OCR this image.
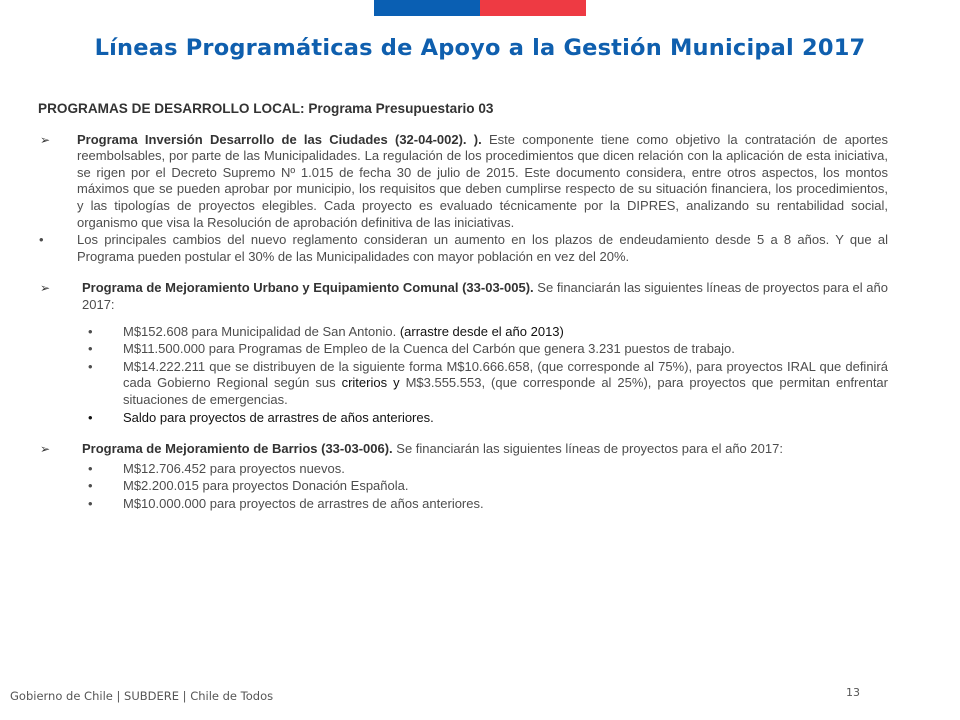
Líneas Programáticas de Apoyo a la Gestión Municipal 2017
PROGRAMAS DE DESARROLLO LOCAL: Programa Presupuestario 03
➢	Programa Inversión Desarrollo de las Ciudades (32-04-002). ). Este componente tiene como objetivo la contratación de aportes reembolsables, por parte de las Municipalidades. La regulación de los procedimientos que dicen relación con la aplicación de esta iniciativa, se rigen por el Decreto Supremo Nº 1.015 de fecha 30 de julio de 2015. Este documento considera, entre otros aspectos, los montos máximos que se pueden aprobar por municipio, los requisitos que deben cumplirse respecto de su situación financiera, los procedimientos, y las tipologías de proyectos elegibles. Cada proyecto es evaluado técnicamente por la DIPRES, analizando su rentabilidad social, organismo que visa la Resolución de aprobación definitiva de las iniciativas.
•	Los principales cambios del nuevo reglamento consideran un aumento en los plazos de endeudamiento desde 5 a 8 años. Y que al Programa pueden postular el 30% de las Municipalidades con mayor población en vez del 20%.
➢	Programa de Mejoramiento Urbano y Equipamiento Comunal (33-03-005). Se financiarán las siguientes líneas de proyectos para el año 2017:
•	M$152.608 para Municipalidad de San Antonio. (arrastre desde el año 2013)
•	M$11.500.000 para Programas de Empleo de la Cuenca del Carbón que genera 3.231 puestos de trabajo.
•	M$14.222.211 que se distribuyen de la siguiente forma M$10.666.658, (que corresponde al 75%), para proyectos IRAL que definirá cada Gobierno Regional según sus criterios y M$3.555.553, (que corresponde al 25%), para proyectos que permitan enfrentar situaciones de emergencias.
•	Saldo para proyectos de arrastres de años anteriores.
➢	Programa de Mejoramiento de Barrios (33-03-006). Se financiarán las siguientes líneas de proyectos para el año 2017:
•	M$12.706.452 para proyectos nuevos.
•	M$2.200.015 para proyectos Donación Española.
•	M$10.000.000 para proyectos de arrastres de años anteriores.
Gobierno de Chile | SUBDERE | Chile de Todos	13
